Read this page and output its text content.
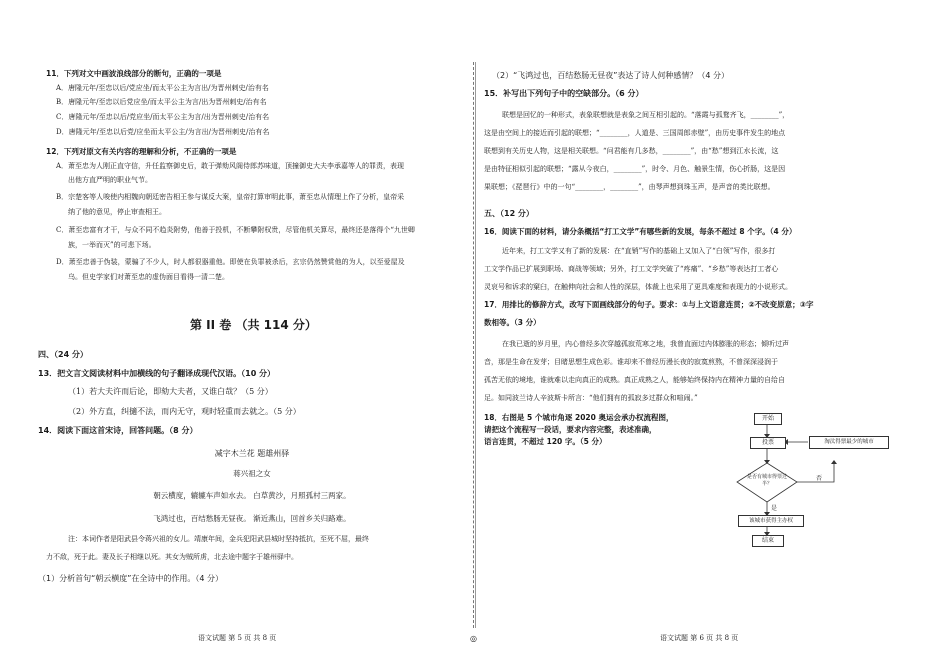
11．下列对文中画波浪线部分的断句，正确的一项是
A．唐隆元年/至忠以后/党应坐/而太平公主为言出/为晋州刺史/治有名
B．唐隆元年/至忠以后党应坐/而太平公主为言/出为晋州刺史/治有名
C．唐隆元年/至忠以后/党应坐/而太平公主为言/出为晋州刺史/治有名
D．唐隆元年/至忠以后党/应坐而太平公主/为言出/为晋州刺史/治有名
12．下列对原文有关内容的理解和分析，不正确的一项是
A．萧至忠为人刚正直守信，升任监察御史后，敢于弹劾风阁侍郎苏味道，顶撞御史大夫李承嘉等人的罪责，表现
出他方直严明的职业气节。
B．宗楚客等人唆使内相魏向朝廷密告相王参与谋反大案，皇帝打算审明此事，萧至忠从情理上作了分析，皇帝采
纳了他的意见，停止审查相王。
C．萧至忠富有才干，与众不同不趋炎附势，他善于投机，不断攀附权贵，尽管他机关算尽，最终还是落得个“九世卿
族，一举而灭”的可悲下场。
D．萧至忠善于伪装，蒙骗了不少人，时人都很器重他。即使在负罪被杀后，玄宗仍然赞赏他的为人，以至爱屋及
乌。但史学家们对萧至忠的虚伪面目看得一清二楚。
第 II 卷 （共 114 分）
四、（24 分）
13．把文言文阅读材料中加横线的句子翻译成现代汉语。（10 分）
（1）若大夫许而后论，即劾大夫者，又谁白哉？（5 分）
（2）外方直，纠擿不法，而内无守，观时轻重而去就之。（5 分）
14．阅读下面这首宋诗，回答问题。（8 分）
减字木兰花 题雄州驿
蒋兴祖之女
朝云横度，辘辘车声如水去。 白草黄沙，月照孤村三两家。
飞鸿过也，百结愁肠无昼夜。 渐近燕山，回首乡关归路难。
注：本词作者是阳武县令蒋兴祖的女儿。靖康年间，金兵犯阳武县城时坚持抵抗，至死不屈，最终
力不敌，死于此。妻及长子相继以死。其女为贼所虏，北去途中题字于雄州驿中。
（1）分析首句“朝云横度”在全诗中的作用。（4 分）
语文试题 第 5 页 共 8 页	◎
（2）“飞鸿过也，百结愁肠无昼夜”表达了诗人何种感情？（4 分）
15．补写出下列句子中的空缺部分。（6 分）
联想是回忆的一种形式，表象联想就是表象之间互相引起的。“落霞与孤鹜齐飞，________”，
这是由空间上的接近而引起的联想；“________，人道是、三国周郎赤壁”，由历史事件发生的地点
联想到有关历史人物，这是相关联想。“问君能有几多愁，________”，由“愁”想到江水长流，这
是由特征相似引起的联想；“露从今夜白，________”，时令、月色、触景生情，伤心折肠，这是因
果联想；《琵琶行》中的一句“________，________”，由琴声想到珠玉声，是声音的类比联想。
五、（12 分）
16．阅读下面的材料，请分条概括“打工文学”有哪些新的发展，每条不超过 8 个字。（4 分）
近年来，打工文学又有了新的发展：在“直销”写作的基础上又加入了“白领”写作，很多打
工文学作品已扩展到职场、商战等领域；另外，打工文学突破了“疼痛”、“乡愁”等表达打工者心
灵哀号和诉求的窠臼，在触伸向社会和人性的深层，体裁上也采用了更具难度和表现力的小说形式。
17．用排比的修辞方式，改写下面画线部分的句子。要求：①与上文语意连贯；②不改变原意；③字
数相等。（3 分）
在我已逝的岁月里，内心曾经多次穿越孤寂荒寒之地，我曾直面过内体膨胀的形态；倾听过声
音，那是生命在发芽；目睹思想生成色彩。谁却来不曾经历漫长夜的寂寞煎熬，不曾深深浸润于
孤苦无依的境地，谁就难以走向真正的成熟。真正成熟之人，能够始终保持内在精神力量的自给自
足。如同波兰诗人辛波斯卡所言：“他们拥有的孤寂多过群众和喧闹。”
18．右图是 5 个城市角逐 2020 奥运会承办权流程图，
请把这个流程写一段话，要求内容完整，表述准确，
语言连贯，不超过 120 字。（5 分）
开始
投票	淘汰得票最少的城市
是否有城市得票过半？
否
是
该城市获得主办权
结束
语文试题 第 6 页 共 8 页
